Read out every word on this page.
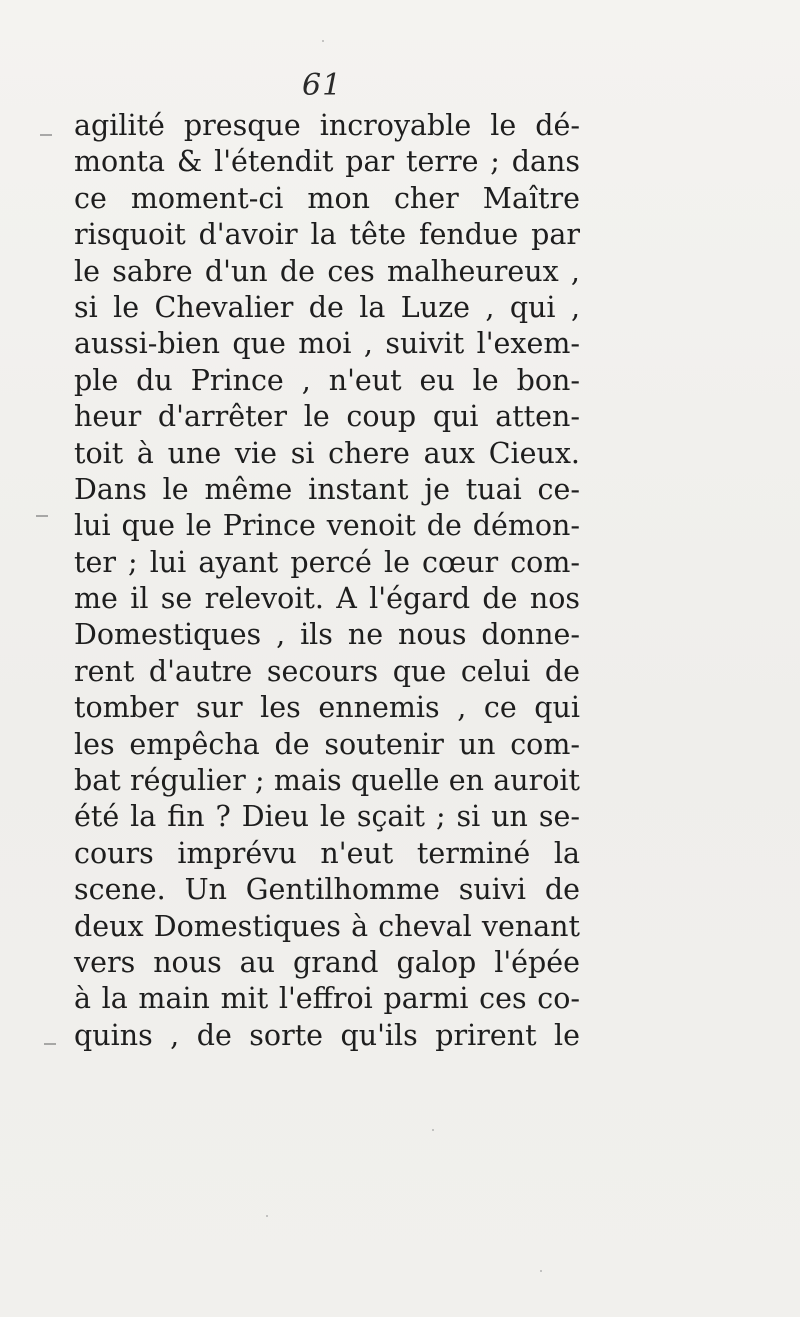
61
agilité presque incroyable le dé-
monta & l'étendit par terre ; dans
ce moment-ci mon cher Maître
risquoit d'avoir la tête fendue par
le sabre d'un de ces malheureux ,
si le Chevalier de la Luze , qui ,
aussi-bien que moi , suivit l'exem-
ple du Prince , n'eut eu le bon-
heur d'arrêter le coup qui atten-
toit à une vie si chere aux Cieux.
Dans le même instant je tuai ce-
lui que le Prince venoit de démon-
ter ; lui ayant percé le cœur com-
me il se relevoit. A l'égard de nos
Domestiques , ils ne nous donne-
rent d'autre secours que celui de
tomber sur les ennemis , ce qui
les empêcha de soutenir un com-
bat régulier ; mais quelle en auroit
été la fin ? Dieu le sçait ; si un se-
cours imprévu n'eut terminé la
scene. Un Gentilhomme suivi de
deux Domestiques à cheval venant
vers nous au grand galop l'épée
à la main mit l'effroi parmi ces co-
quins , de sorte qu'ils prirent le
